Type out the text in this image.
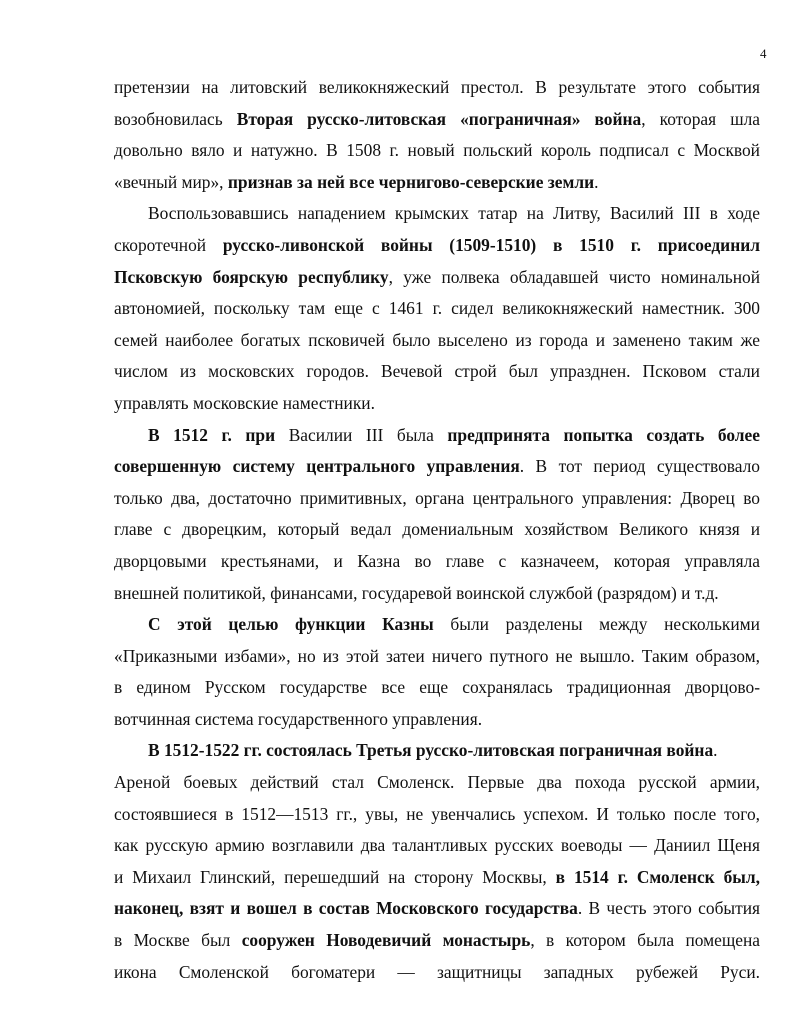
4
претензии на литовский великокняжеский престол. В результате этого события
возобновилась Вторая русско-литовская «пограничная» война, которая шла
довольно вяло и натужно. В 1508 г. новый польский король подписал с Москвой
«вечный мир», признав за ней все чернигово-северские земли.
Воспользовавшись нападением крымских татар на Литву, Василий III в ходе
скоротечной русско-ливонской войны (1509-1510) в 1510 г. присоединил
Псковскую боярскую республику, уже полвека обладавшей чисто номинальной
автономией, поскольку там еще с 1461 г. сидел великокняжеский наместник. 300
семей наиболее богатых псковичей было выселено из города и заменено таким же
числом из московских городов. Вечевой строй был упразднен. Псковом стали
управлять московские наместники.
В 1512 г. при Василии III была предпринята попытка создать более
совершенную систему центрального управления. В тот период существовало
только два, достаточно примитивных, органа центрального управления: Дворец во
главе с дворецким, который ведал домениальным хозяйством Великого князя и
дворцовыми крестьянами, и Казна во главе с казначеем, которая управляла
внешней политикой, финансами, государевой воинской службой (разрядом) и т.д.
С этой целью функции Казны были разделены между несколькими
«Приказными избами», но из этой затеи ничего путного не вышло. Таким образом,
в едином Русском государстве все еще сохранялась традиционная дворцово-
вотчинная система государственного управления.
В 1512-1522 гг. состоялась Третья русско-литовская пограничная война.
Ареной боевых действий стал Смоленск. Первые два похода русской армии,
состоявшиеся в 1512—1513 гг., увы, не увенчались успехом. И только после того,
как русскую армию возглавили два талантливых русских воеводы — Даниил Щеня
и Михаил Глинский, перешедший на сторону Москвы, в 1514 г. Смоленск был,
наконец, взят и вошел в состав Московского государства. В честь этого события
в Москве был сооружен Новодевичий монастырь, в котором была помещена
икона Смоленской богоматери — защитницы западных рубежей Руси.
